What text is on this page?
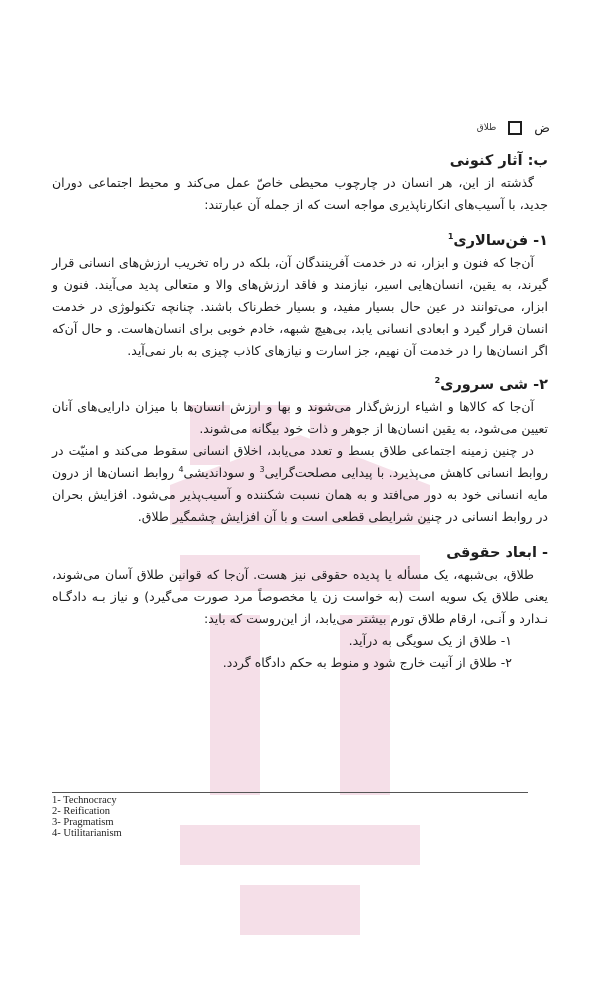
ض
طلاق
ب: آثار کنونی

گذشته از این، هر انسان در چارچوب محیطی خاصّ عمل می‌کند و محیط اجتماعی دوران جدید، با آسیب‌های انکارناپذیری مواجه است که از جمله آن عبارتند:

۱- فن‌سالاری$^1$

آن‌جا که فنون و ابزار، نه در خدمت آفرینندگان آن، بلکه در راه تخریب ارزش‌های انسانی قرار گیرند، به یقین، انسان‌هایی اسیر، نیازمند و فاقد ارزش‌های والا و متعالی پدید می‌آیند. فنون و ابزار، می‌توانند در عین حال بسیار مفید، و بسیار خطرناک باشند. چنانچه تکنولوژی در خدمت انسان قرار گیرد و ابعادی انسانی یابد، بی‌هیچ شبهه، خادم خوبی برای انسان‌هاست. و حال آن‌که اگر انسان‌ها را در خدمت آن نهیم، جز اسارت و نیازهای کاذب چیزی به بار نمی‌آید.

۲- شی سروری$^2$

آن‌جا که کالاها و اشیاء ارزش‌گذار می‌شوند و بها و ارزش انسان‌ها با میزان دارایی‌های آنان تعیین می‌شود، به یقین انسان‌ها از جوهر و ذات خود بیگانه می‌شوند.

در چنین زمینه اجتماعی طلاق بسط و تعدد می‌یابد، اخلاق انسانی سقوط می‌کند و امنیّت در روابط انسانی کاهش می‌پذیرد. با پیدایی مصلحت‌گرایی$^3$ و سوداندیشی$^4$ روابط انسان‌ها از درون مایه انسانی خود به دور می‌افتد و به همان نسبت شکننده و آسیب‌پذیر می‌شود. افزایش بحران در روابط انسانی در چنین شرایطی قطعی است و با آن افزایش چشمگیر طلاق.

- ابعاد حقوقی

طلاق، بی‌شبهه، یک مسأله یا پدیده حقوقی نیز هست. آن‌جا که قوانین طلاق آسان می‌شوند، یعنی طلاق یک سویه است (به خواست زن یا مخصوصاً مرد صورت می‌گیرد) و نیاز بـه دادگـاه نـدارد و آنـی، ارقام طلاق تورم بیشتر می‌یابد، از این‌روست که باید:

۱- طلاق از یک سویگی به درآید.

۲- طلاق از آنیت خارج شود و منوط به حکم دادگاه گردد.

1- Technocracy
2- Reification
3- Pragmatism
4- Utilitarianism
